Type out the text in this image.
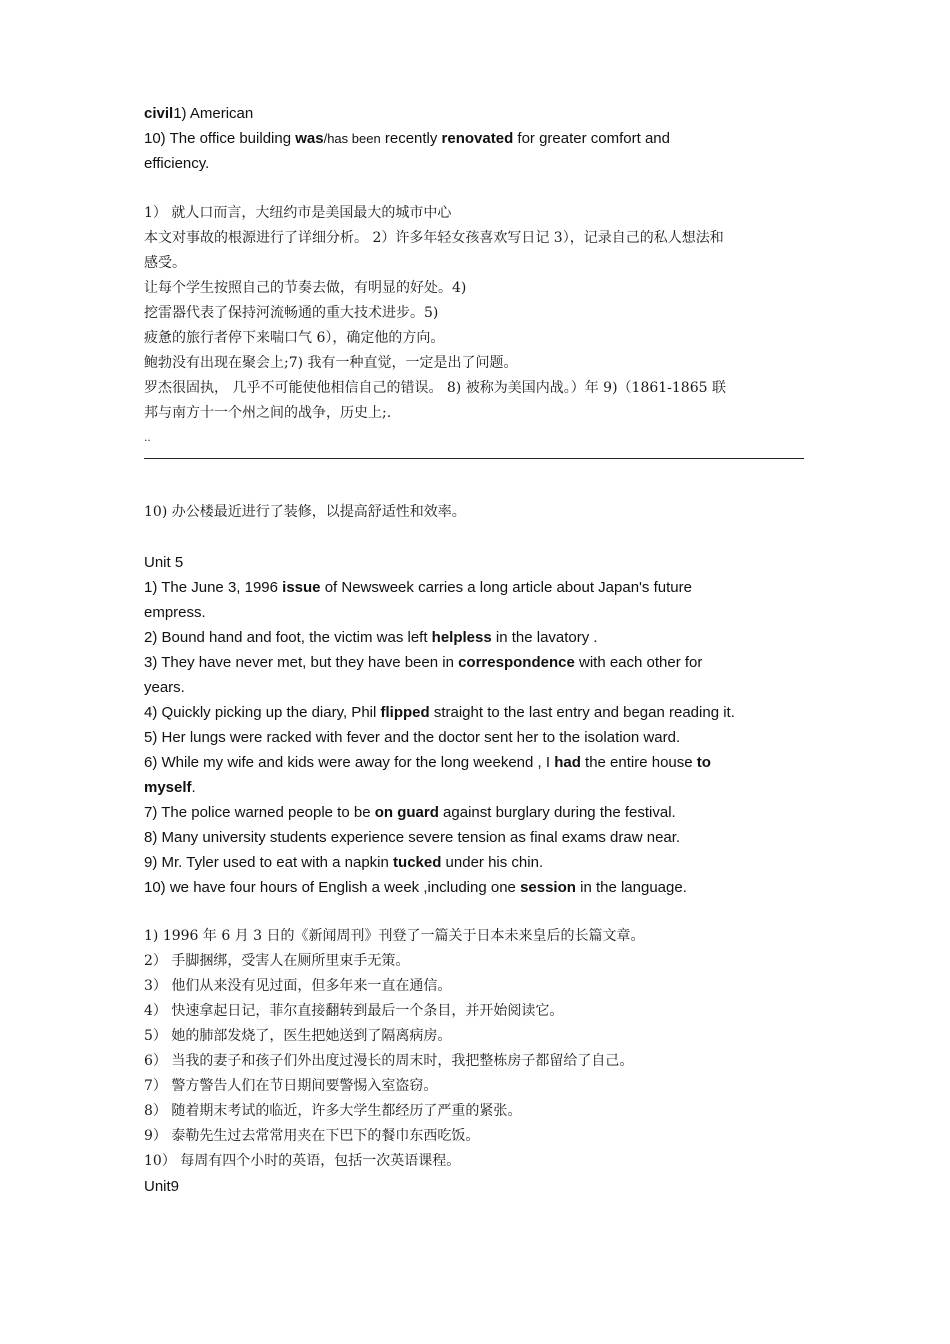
civil1) American
10) The office building was/has been recently renovated for greater comfort and
efficiency.
1） 就人口而言，大纽约市是美国最大的城市中心
本文对事故的根源进行了详细分析。 2）许多年轻女孩喜欢写日记 3），记录自己的私人想法和
感受。
让每个学生按照自己的节奏去做，有明显的好处。4)
挖雷器代表了保持河流畅通的重大技术进步。5)
疲惫的旅行者停下来喘口气 6），确定他的方向。
鲍勃没有出现在聚会上;7) 我有一种直觉，一定是出了问题。
罗杰很固执， 几乎不可能使他相信自己的错误。 8) 被称为美国内战。）年 9)（1861-1865 联
邦与南方十一个州之间的战争，历史上;.
..
10) 办公楼最近进行了装修，以提高舒适性和效率。
Unit 5
1) The June 3, 1996 issue of Newsweek carries a long article about Japan's future
empress.
2) Bound hand and foot, the victim was left helpless in the lavatory .
3) They have never met, but they have been in correspondence with each other for
years.
4) Quickly picking up the diary, Phil flipped straight to the last entry and began reading it.
5) Her lungs were racked with fever and the doctor sent her to the isolation ward.
6) While my wife and kids were away for the long weekend , I had the entire house to
myself.
7) The police warned people to be on guard against burglary during the festival.
8) Many university students experience severe tension as final exams draw near.
9) Mr. Tyler used to eat with a napkin tucked under his chin.
10) we have four hours of English a week ,including one session in the language.
1) 1996 年 6 月 3 日的《新闻周刊》刊登了一篇关于日本未来皇后的长篇文章。
2） 手脚捆绑，受害人在厕所里束手无策。
3） 他们从来没有见过面，但多年来一直在通信。
4） 快速拿起日记，菲尔直接翻转到最后一个条目，并开始阅读它。
5） 她的肺部发烧了，医生把她送到了隔离病房。
6） 当我的妻子和孩子们外出度过漫长的周末时，我把整栋房子都留给了自己。
7） 警方警告人们在节日期间要警惕入室盗窃。
8） 随着期末考试的临近，许多大学生都经历了严重的紧张。
9） 泰勒先生过去常常用夹在下巴下的餐巾东西吃饭。
10） 每周有四个小时的英语，包括一次英语课程。
Unit9
